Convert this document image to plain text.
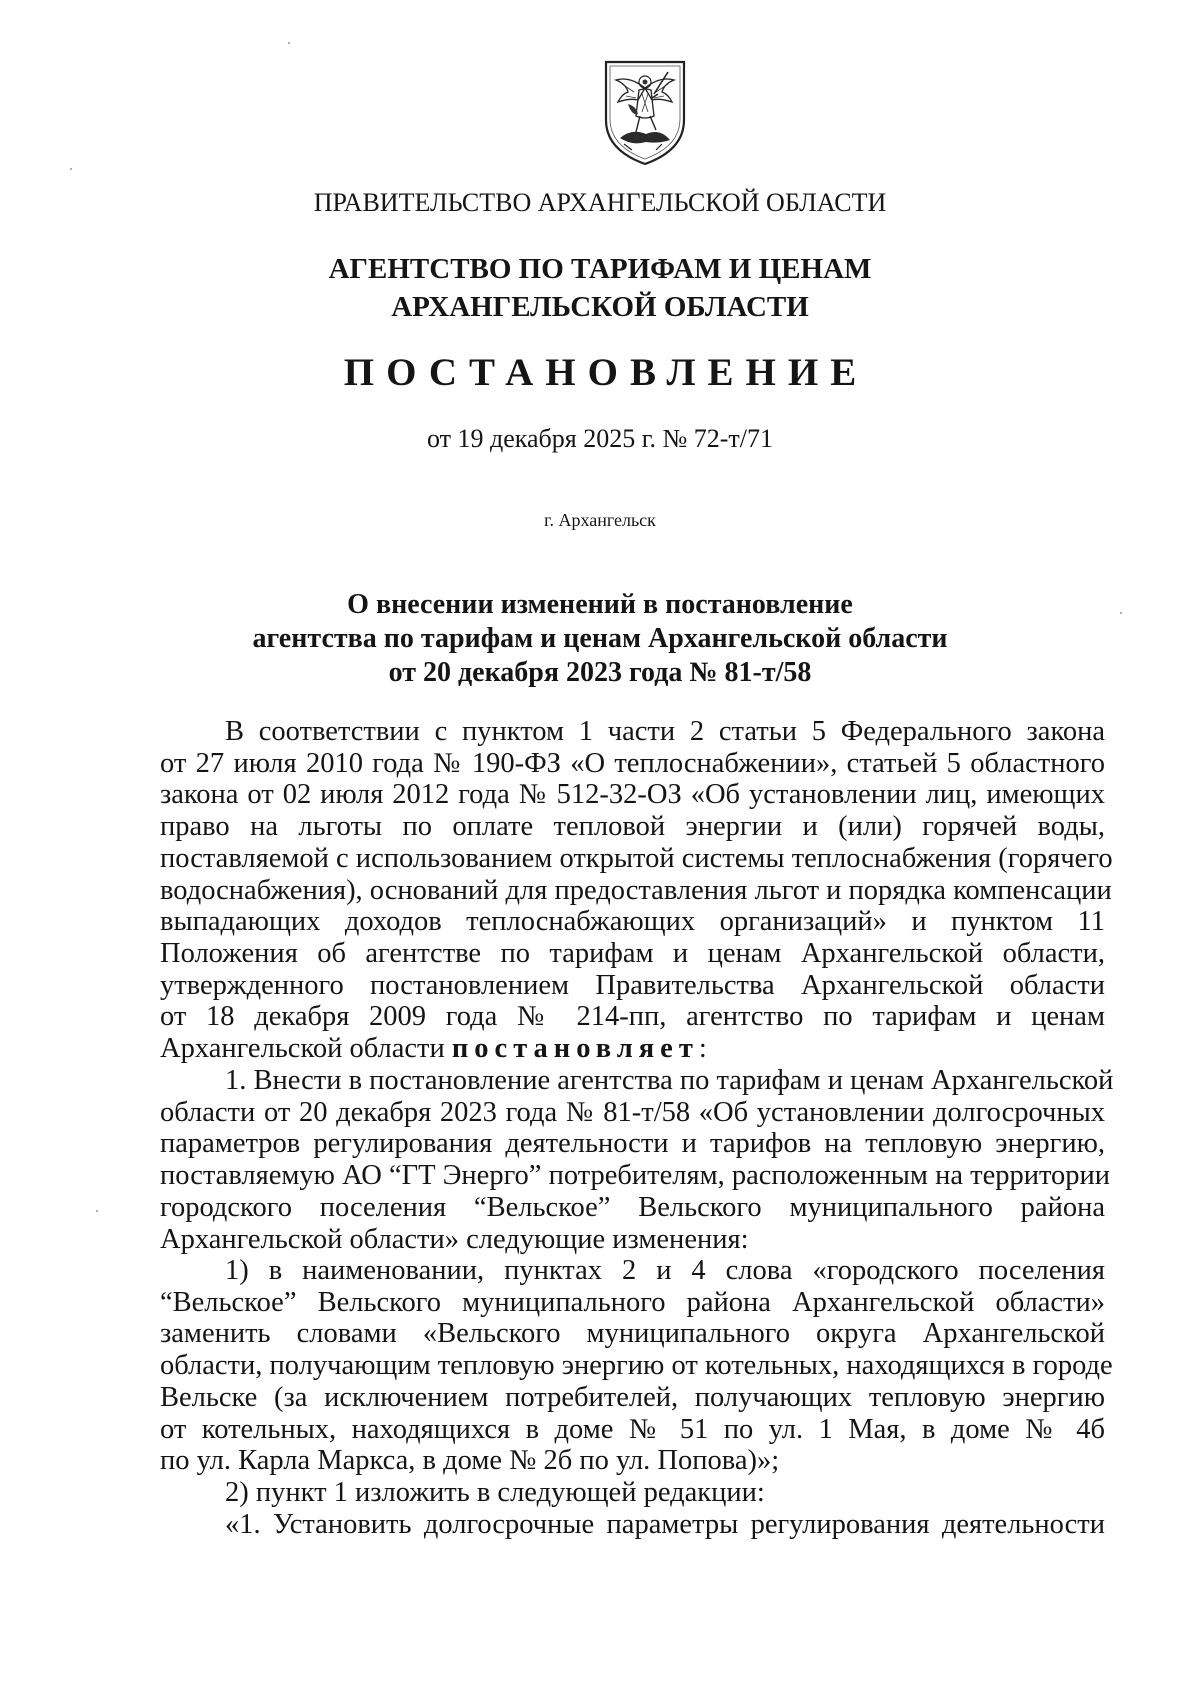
ПРАВИТЕЛЬСТВО АРХАНГЕЛЬСКОЙ ОБЛАСТИ
АГЕНТСТВО ПО ТАРИФАМ И ЦЕНАМ
АРХАНГЕЛЬСКОЙ ОБЛАСТИ
ПОСТАНОВЛЕНИЕ
от 19 декабря 2025 г. № 72-т/71
г. Архангельск
О внесении изменений в постановление
агентства по тарифам и ценам Архангельской области
от 20 декабря 2023 года № 81-т/58
В соответствии с пунктом 1 части 2 статьи 5 Федерального закона
от 27 июля 2010 года № 190-ФЗ «О теплоснабжении», статьей 5 областного
закона от 02 июля 2012 года № 512-32-ОЗ «Об установлении лиц, имеющих
право на льготы по оплате тепловой энергии и (или) горячей воды,
поставляемой с использованием открытой системы теплоснабжения (горячего
водоснабжения), оснований для предоставления льгот и порядка компенсации
выпадающих доходов теплоснабжающих организаций» и пунктом 11
Положения об агентстве по тарифам и ценам Архангельской области,
утвержденного постановлением Правительства Архангельской области
от 18 декабря 2009 года № 214-пп, агентство по тарифам и ценам
Архангельской области постановляет:
1. Внести в постановление агентства по тарифам и ценам Архангельской
области от 20 декабря 2023 года № 81-т/58 «Об установлении долгосрочных
параметров регулирования деятельности и тарифов на тепловую энергию,
поставляемую АО “ГТ Энерго” потребителям, расположенным на территории
городского поселения “Вельское” Вельского муниципального района
Архангельской области» следующие изменения:
1) в наименовании, пунктах 2 и 4 слова «городского поселения
“Вельское” Вельского муниципального района Архангельской области»
заменить словами «Вельского муниципального округа Архангельской
области, получающим тепловую энергию от котельных, находящихся в городе
Вельске (за исключением потребителей, получающих тепловую энергию
от котельных, находящихся в доме № 51 по ул. 1 Мая, в доме № 4б
по ул. Карла Маркса, в доме № 2б по ул. Попова)»;
2) пункт 1 изложить в следующей редакции:
«1. Установить долгосрочные параметры регулирования деятельности
